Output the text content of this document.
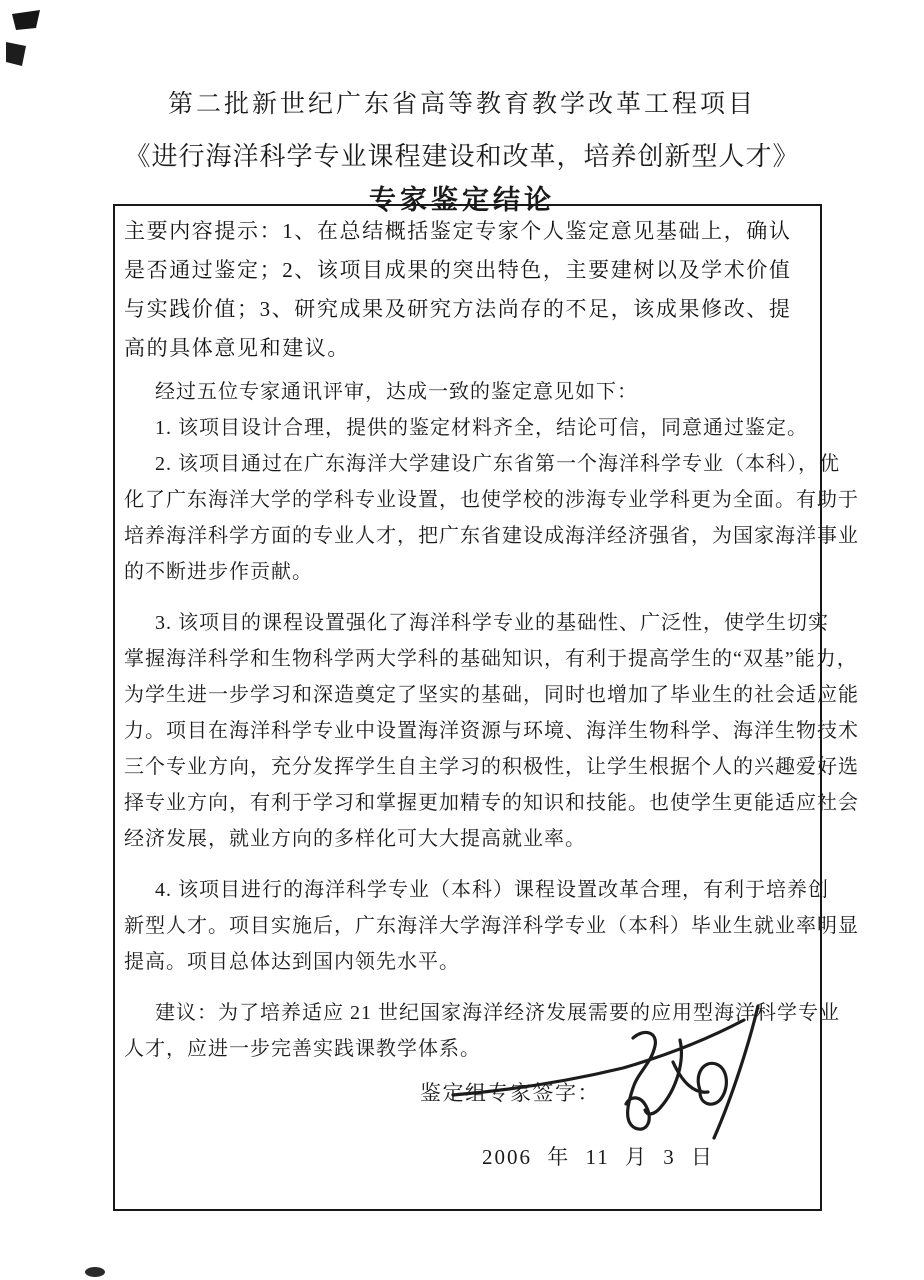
第二批新世纪广东省高等教育教学改革工程项目
《进行海洋科学专业课程建设和改革，培养创新型人才》
专家鉴定结论
主要内容提示：1、在总结概括鉴定专家个人鉴定意见基础上，确认
是否通过鉴定；2、该项目成果的突出特色，主要建树以及学术价值
与实践价值；3、研究成果及研究方法尚存的不足，该成果修改、提
高的具体意见和建议。
经过五位专家通讯评审，达成一致的鉴定意见如下：
1. 该项目设计合理，提供的鉴定材料齐全，结论可信，同意通过鉴定。
2. 该项目通过在广东海洋大学建设广东省第一个海洋科学专业（本科），优
化了广东海洋大学的学科专业设置，也使学校的涉海专业学科更为全面。有助于
培养海洋科学方面的专业人才，把广东省建设成海洋经济强省，为国家海洋事业
的不断进步作贡献。
3. 该项目的课程设置强化了海洋科学专业的基础性、广泛性，使学生切实
掌握海洋科学和生物科学两大学科的基础知识，有利于提高学生的“双基”能力，
为学生进一步学习和深造奠定了坚实的基础，同时也增加了毕业生的社会适应能
力。项目在海洋科学专业中设置海洋资源与环境、海洋生物科学、海洋生物技术
三个专业方向，充分发挥学生自主学习的积极性，让学生根据个人的兴趣爱好选
择专业方向，有利于学习和掌握更加精专的知识和技能。也使学生更能适应社会
经济发展，就业方向的多样化可大大提高就业率。
4. 该项目进行的海洋科学专业（本科）课程设置改革合理，有利于培养创
新型人才。项目实施后，广东海洋大学海洋科学专业（本科）毕业生就业率明显
提高。项目总体达到国内领先水平。
建议：为了培养适应 21 世纪国家海洋经济发展需要的应用型海洋科学专业
人才，应进一步完善实践课教学体系。
鉴定组专家签字：
2006 年 11 月 3 日
